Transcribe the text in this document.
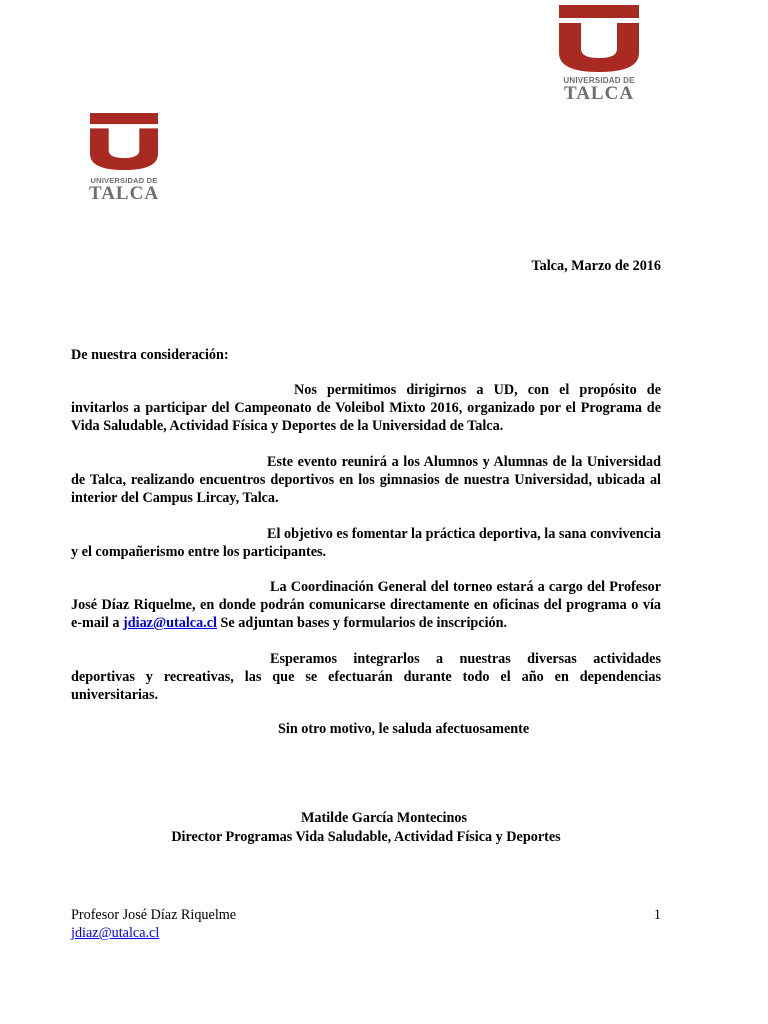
UNIVERSIDAD DE
TALCA
UNIVERSIDAD DE
TALCA
Talca, Marzo de 2016
De nuestra consideración:

Nos permitimos dirigirnos a UD, con el propósito de invitarlos a participar del Campeonato de Voleibol Mixto 2016, organizado por el Programa de Vida Saludable, Actividad Física y Deportes de la Universidad de Talca.

Este evento reunirá a los Alumnos y Alumnas de la Universidad de Talca, realizando encuentros deportivos en los gimnasios de nuestra Universidad, ubicada al interior del Campus Lircay, Talca.

El objetivo es fomentar la práctica deportiva, la sana convivencia y el compañerismo entre los participantes.

La Coordinación General del torneo estará a cargo del Profesor José Díaz Riquelme, en donde podrán comunicarse directamente en oficinas del programa o vía e-mail a jdiaz@utalca.cl Se adjuntan bases y formularios de inscripción.

Esperamos integrarlos a nuestras diversas actividades deportivas y recreativas, las que se efectuarán durante todo el año en dependencias universitarias.

Sin otro motivo, le saluda afectuosamente
Matilde García Montecinos
Director Programas Vida Saludable, Actividad Física y Deportes
Profesor José Díaz Riquelme
jdiaz@utalca.cl
1
